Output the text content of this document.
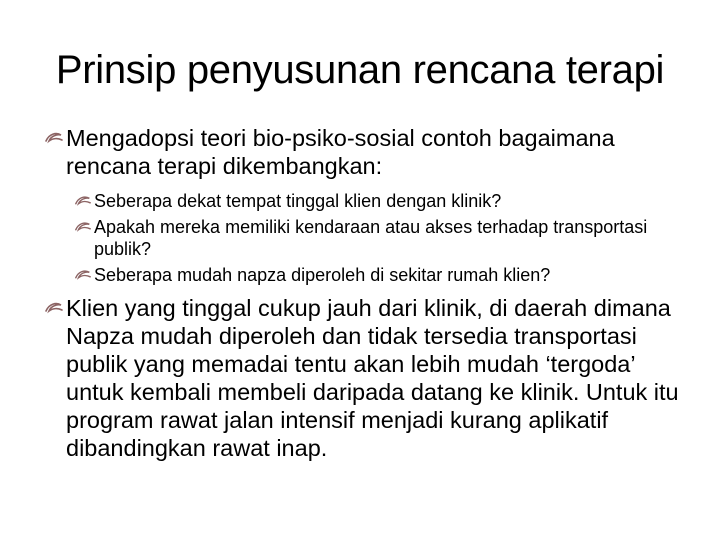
Prinsip penyusunan rencana terapi
Mengadopsi teori bio-psiko-sosial contoh bagaimana rencana terapi dikembangkan:
Seberapa dekat tempat tinggal klien dengan klinik?
Apakah mereka memiliki kendaraan atau akses terhadap transportasi publik?
Seberapa mudah napza diperoleh di sekitar rumah klien?
Klien yang tinggal cukup jauh dari klinik, di daerah dimana Napza mudah diperoleh dan tidak tersedia transportasi publik yang memadai tentu akan lebih mudah ‘tergoda’ untuk kembali membeli daripada datang ke klinik. Untuk itu program rawat jalan intensif menjadi kurang aplikatif dibandingkan rawat inap.
